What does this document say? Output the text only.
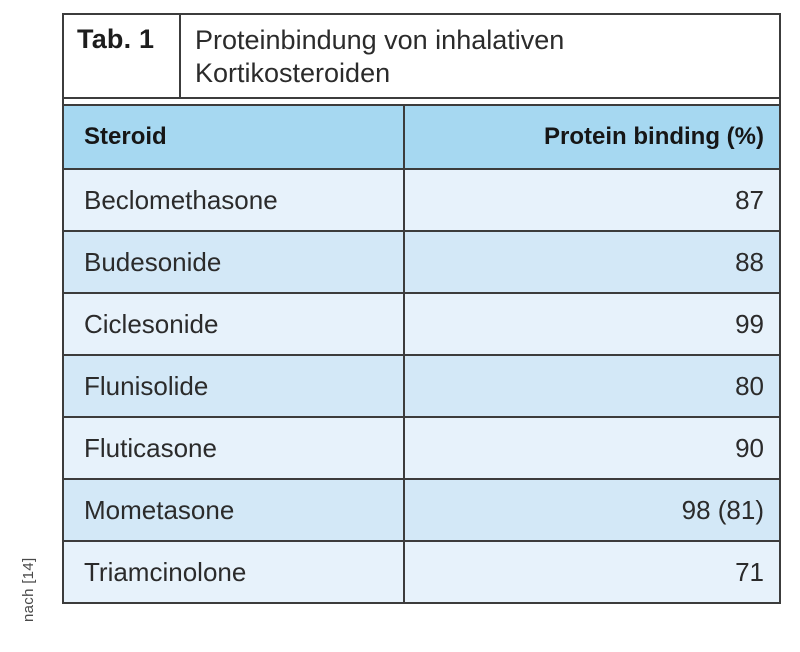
nach [14]
Tab. 1	Proteinbindung von inhalativen Kortikosteroiden
Steroid	Protein binding (%)
Beclomethasone	87
Budesonide	88
Ciclesonide	99
Flunisolide	80
Fluticasone	90
Mometasone	98 (81)
Triamcinolone	71
